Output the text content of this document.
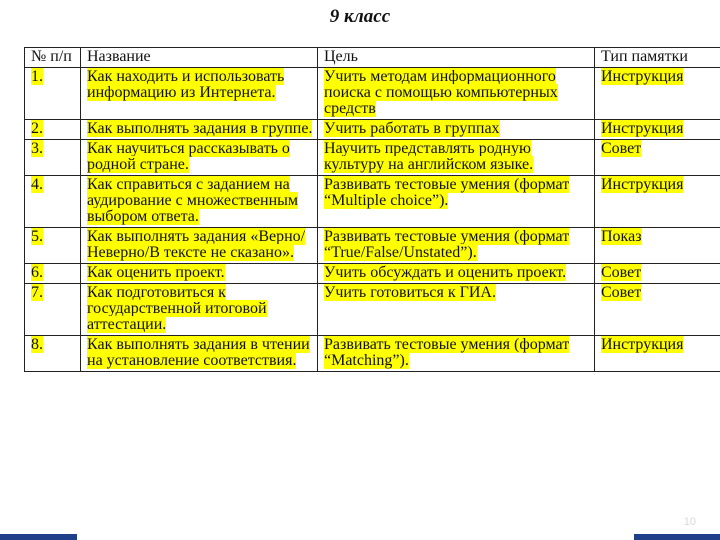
9 класс
№ п/п	Название	Цель	Тип памятки
1.	Как находить и использовать информацию из Интернета.	Учить методам информационного поиска с помощью компьютерных средств	Инструкция
2.	Как выполнять задания в группе.	Учить работать в группах	Инструкция
3.	Как научиться рассказывать о родной стране.	Научить представлять родную культуру на английском языке.	Совет
4.	Как справиться с заданием на аудирование с множественным выбором ответа.	Развивать тестовые умения (формат “Multiple choice”).	Инструкция
5.	Как выполнять задания «Верно/Неверно/В тексте не сказано».	Развивать тестовые умения (формат “True/False/Unstated”).	Показ
6.	Как оценить проект.	Учить обсуждать и оценить проект.	Совет
7.	Как подготовиться к государственной итоговой аттестации.	Учить готовиться к ГИА.	Совет
8.	Как выполнять задания в чтении на установление соответствия.	Развивать тестовые умения (формат “Matching”).	Инструкция
10
